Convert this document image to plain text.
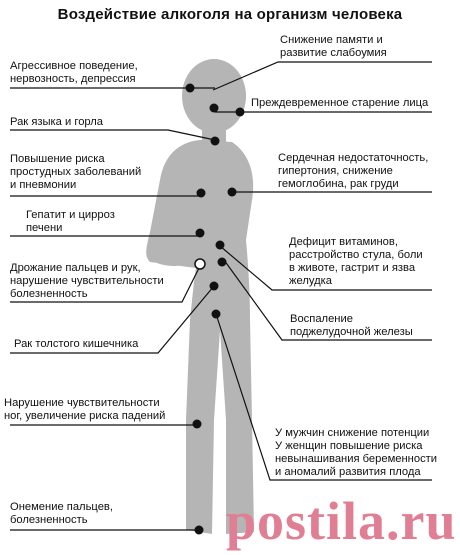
Воздействие алкоголя на организм человека
Агрессивное поведение,
нервозность, депрессия
Рак языка и горла
Повышение риска
простудных заболеваний
и пневмонии
Гепатит и цирроз
печени
Дрожание пальцев и рук,
нарушение чувствительности
болезненность
Рак толстого кишечника
Нарушение чувствительности
ног, увеличение риска падений
Онемение пальцев,
болезненность
Снижение памяти и
развитие слабоумия
Преждевременное старение лица
Сердечная недостаточность,
гипертония, снижение
гемоглобина, рак груди
Дефицит витаминов,
расстройство стула, боли
в животе, гастрит и язва
желудка
Воспаление
поджелудочной железы
У мужчин снижение потенции
У женщин повышение риска
невынашивания беременности
и аномалий развития плода
postila.ru
